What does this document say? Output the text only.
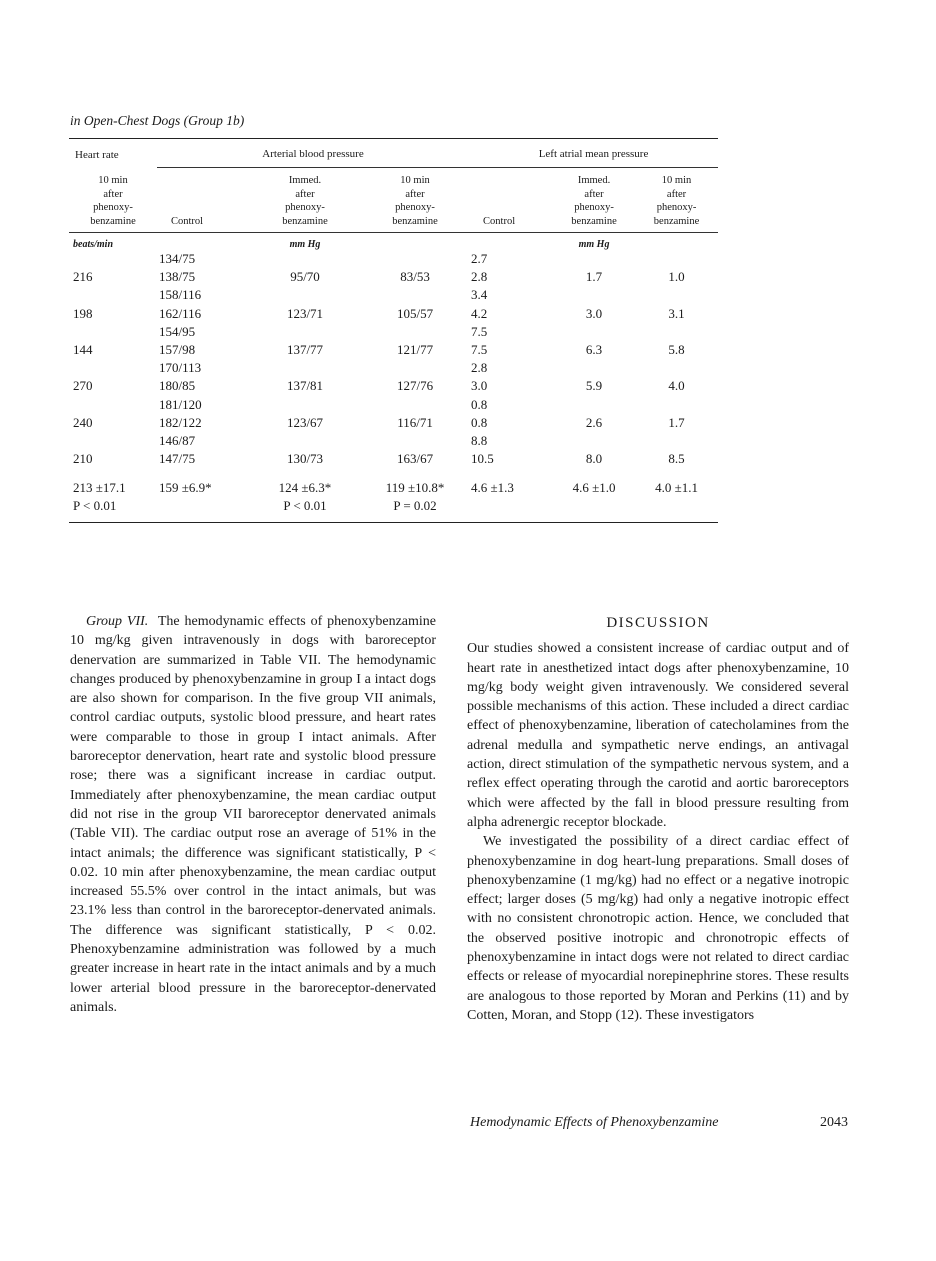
in Open-Chest Dogs (Group 1b)
Heart rate	Arterial blood pressure			Left atrial mean pressure		
10 min
after
phenoxy-
benzamine	Control	Immed.
after
phenoxy-
benzamine	10 min
after
phenoxy-
benzamine	Control	Immed.
after
phenoxy-
benzamine	10 min
after
phenoxy-
benzamine
beats/min		mm Hg			mm Hg	
	134/75			2.7		
216	138/75	95/70	83/53	2.8	1.7	1.0
	158/116			3.4		
198	162/116	123/71	105/57	4.2	3.0	3.1
	154/95			7.5		
144	157/98	137/77	121/77	7.5	6.3	5.8
	170/113			2.8		
270	180/85	137/81	127/76	3.0	5.9	4.0
	181/120			0.8		
240	182/122	123/67	116/71	0.8	2.6	1.7
	146/87			8.8		
210	147/75	130/73	163/67	10.5	8.0	8.5
213 ±17.1	159 ±6.9*	124 ±6.3*	119 ±10.8*	4.6 ±1.3	4.6 ±1.0	4.0 ±1.1
P < 0.01		P < 0.01	P = 0.02			

Group VII. The hemodynamic effects of phenoxybenzamine 10 mg/kg given intravenously in dogs with baroreceptor denervation are summarized in Table VII. The hemodynamic changes produced by phenoxybenzamine in group I a intact dogs are also shown for comparison. In the five group VII animals, control cardiac outputs, systolic blood pressure, and heart rates were comparable to those in group I intact animals. After baroreceptor denervation, heart rate and systolic blood pressure rose; there was a significant increase in cardiac output. Immediately after phenoxybenzamine, the mean cardiac output did not rise in the group VII baroreceptor denervated animals (Table VII). The cardiac output rose an average of 51% in the intact animals; the difference was significant statistically, P < 0.02. 10 min after phenoxybenzamine, the mean cardiac output increased 55.5% over control in the intact animals, but was 23.1% less than control in the baroreceptor-denervated animals. The difference was significant statistically, P < 0.02. Phenoxybenzamine administration was followed by a much greater increase in heart rate in the intact animals and by a much lower arterial blood pressure in the baroreceptor-denervated animals.

DISCUSSION

Our studies showed a consistent increase of cardiac output and of heart rate in anesthetized intact dogs after phenoxybenzamine, 10 mg/kg body weight given intravenously. We considered several possible mechanisms of this action. These included a direct cardiac effect of phenoxybenzamine, liberation of catecholamines from the adrenal medulla and sympathetic nerve endings, an antivagal action, direct stimulation of the sympathetic nervous system, and a reflex effect operating through the carotid and aortic baroreceptors which were affected by the fall in blood pressure resulting from alpha adrenergic receptor blockade.

We investigated the possibility of a direct cardiac effect of phenoxybenzamine in dog heart-lung preparations. Small doses of phenoxybenzamine (1 mg/kg) had no effect or a negative inotropic effect; larger doses (5 mg/kg) had only a negative inotropic effect with no consistent chronotropic action. Hence, we concluded that the observed positive inotropic and chronotropic effects of phenoxybenzamine in intact dogs were not related to direct cardiac effects or release of myocardial norepinephrine stores. These results are analogous to those reported by Moran and Perkins (11) and by Cotten, Moran, and Stopp (12). These investigators

Hemodynamic Effects of Phenoxybenzamine	2043
